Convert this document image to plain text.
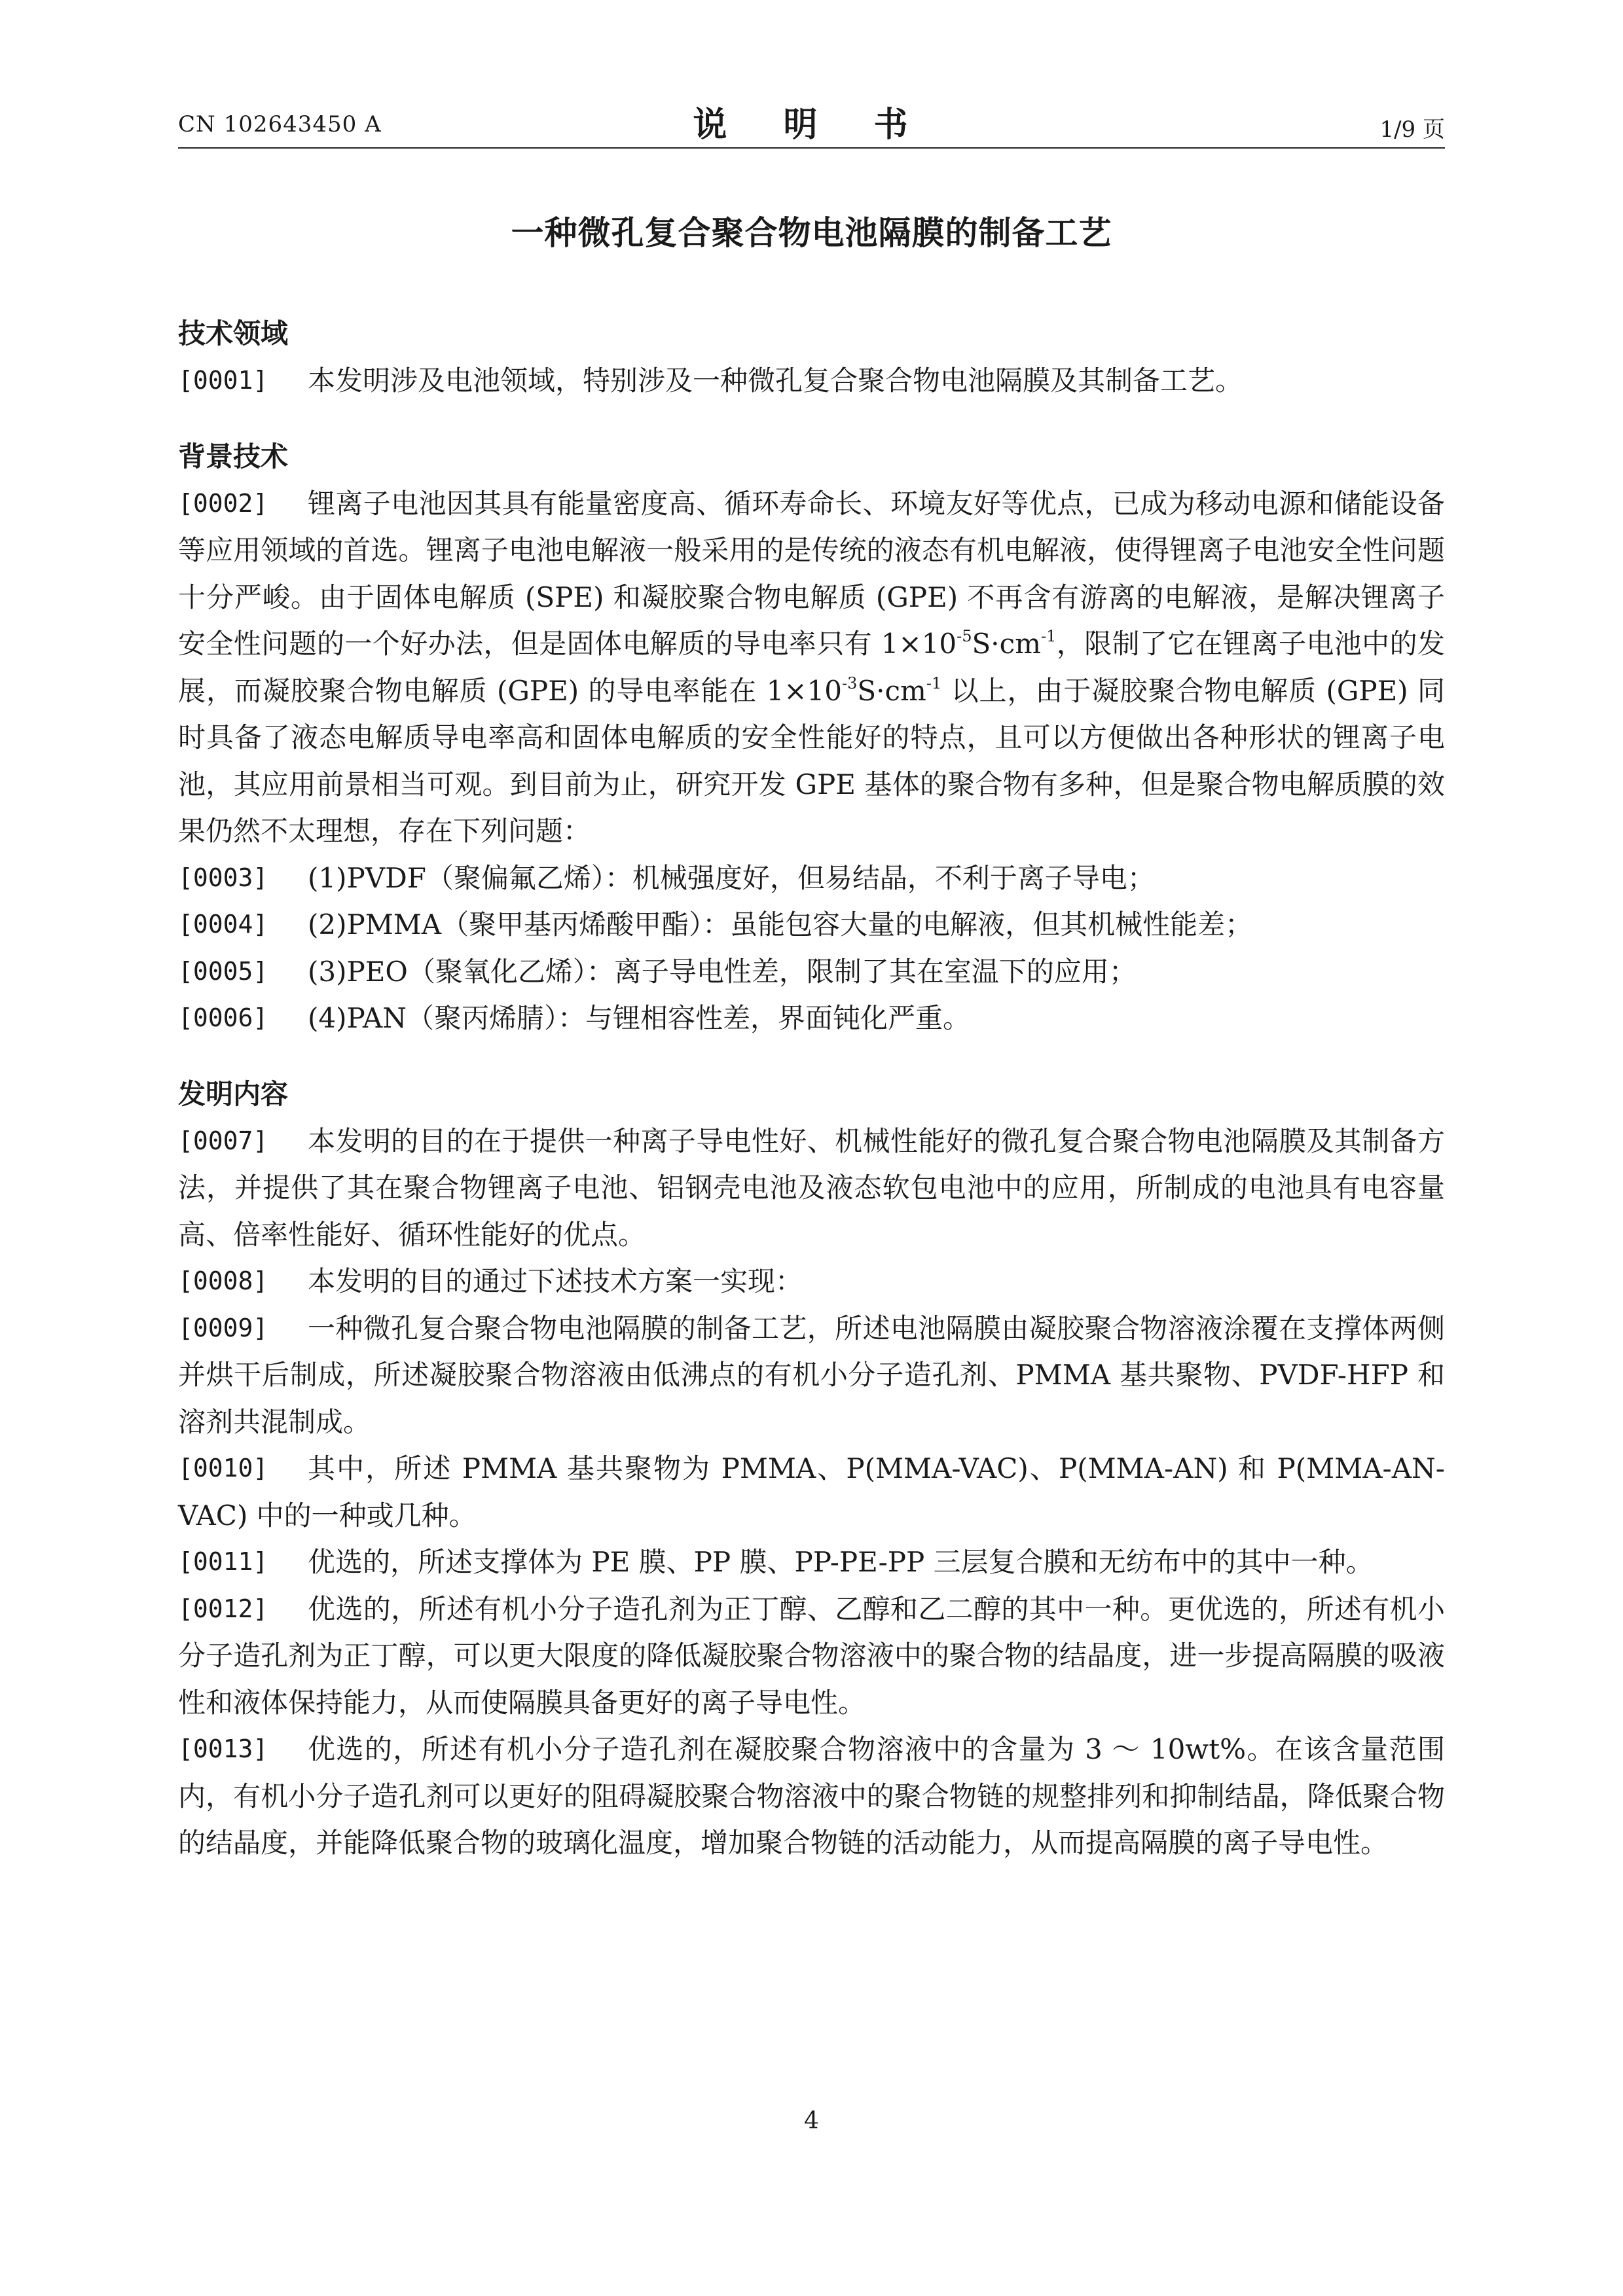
CN 102643450 A	说 明 书	1/9 页
一种微孔复合聚合物电池隔膜的制备工艺

技术领域

[0001] 本发明涉及电池领域，特别涉及一种微孔复合聚合物电池隔膜及其制备工艺。

背景技术

[0002] 锂离子电池因其具有能量密度高、循环寿命长、环境友好等优点，已成为移动电源和储能设备等应用领域的首选。锂离子电池电解液一般采用的是传统的液态有机电解液，使得锂离子电池安全性问题十分严峻。由于固体电解质 (SPE) 和凝胶聚合物电解质 (GPE) 不再含有游离的电解液，是解决锂离子安全性问题的一个好办法，但是固体电解质的导电率只有 $1\times 10^{-5}S\cdot cm^{-1}$，限制了它在锂离子电池中的发展，而凝胶聚合物电解质 (GPE) 的导电率能在 $1\times 10^{-3}S\cdot cm^{-1}$ 以上，由于凝胶聚合物电解质 (GPE) 同时具备了液态电解质导电率高和固体电解质的安全性能好的特点，且可以方便做出各种形状的锂离子电池，其应用前景相当可观。到目前为止，研究开发 GPE 基体的聚合物有多种，但是聚合物电解质膜的效果仍然不太理想，存在下列问题：

[0003] (1)PVDF（聚偏氟乙烯）：机械强度好，但易结晶，不利于离子导电；

[0004] (2)PMMA（聚甲基丙烯酸甲酯）：虽能包容大量的电解液，但其机械性能差；

[0005] (3)PEO（聚氧化乙烯）：离子导电性差，限制了其在室温下的应用；

[0006] (4)PAN（聚丙烯腈）：与锂相容性差，界面钝化严重。

发明内容

[0007] 本发明的目的在于提供一种离子导电性好、机械性能好的微孔复合聚合物电池隔膜及其制备方法，并提供了其在聚合物锂离子电池、铝钢壳电池及液态软包电池中的应用，所制成的电池具有电容量高、倍率性能好、循环性能好的优点。

[0008] 本发明的目的通过下述技术方案一实现：

[0009] 一种微孔复合聚合物电池隔膜的制备工艺，所述电池隔膜由凝胶聚合物溶液涂覆在支撑体两侧并烘干后制成，所述凝胶聚合物溶液由低沸点的有机小分子造孔剂、PMMA 基共聚物、PVDF-HFP 和溶剂共混制成。

[0010] 其中，所述 PMMA 基共聚物为 PMMA、P(MMA-VAC)、P(MMA-AN) 和 P(MMA-AN-VAC) 中的一种或几种。

[0011] 优选的，所述支撑体为 PE 膜、PP 膜、PP-PE-PP 三层复合膜和无纺布中的其中一种。

[0012] 优选的，所述有机小分子造孔剂为正丁醇、乙醇和乙二醇的其中一种。更优选的，所述有机小分子造孔剂为正丁醇，可以更大限度的降低凝胶聚合物溶液中的聚合物的结晶度，进一步提高隔膜的吸液性和液体保持能力，从而使隔膜具备更好的离子导电性。

[0013] 优选的，所述有机小分子造孔剂在凝胶聚合物溶液中的含量为 3 ～ 10wt%。在该含量范围内，有机小分子造孔剂可以更好的阻碍凝胶聚合物溶液中的聚合物链的规整排列和抑制结晶，降低聚合物的结晶度，并能降低聚合物的玻璃化温度，增加聚合物链的活动能力，从而提高隔膜的离子导电性。

4
